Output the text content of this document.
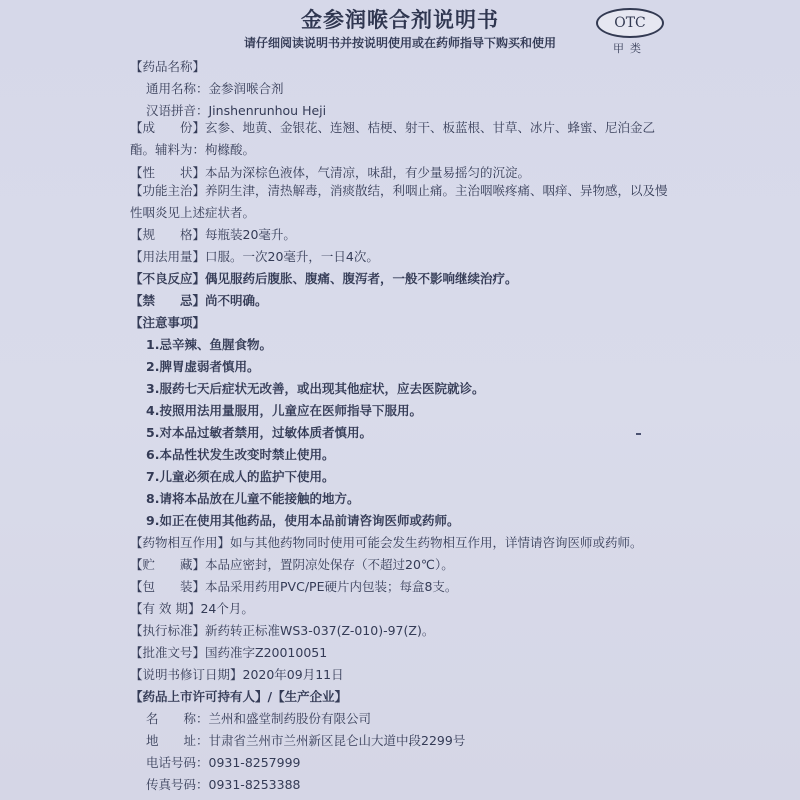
金参润喉合剂说明书
请仔细阅读说明书并按说明使用或在药师指导下购买和使用
OTC
甲类
【药品名称】
通用名称：金参润喉合剂
汉语拼音：Jinshenrunhou Heji
【成　　份】玄参、地黄、金银花、连翘、桔梗、射干、板蓝根、甘草、冰片、蜂蜜、尼泊金乙酯。辅料为：枸橼酸。
【性　　状】本品为深棕色液体，气清凉，味甜，有少量易摇匀的沉淀。
【功能主治】养阴生津，清热解毒，消痰散结，利咽止痛。主治咽喉疼痛、咽痒、异物感，以及慢性咽炎见上述症状者。
【规　　格】每瓶装20毫升。
【用法用量】口服。一次20毫升，一日4次。
【不良反应】偶见服药后腹胀、腹痛、腹泻者，一般不影响继续治疗。
【禁　　忌】尚不明确。
【注意事项】
1.忌辛辣、鱼腥食物。
2.脾胃虚弱者慎用。
3.服药七天后症状无改善，或出现其他症状，应去医院就诊。
4.按照用法用量服用，儿童应在医师指导下服用。
5.对本品过敏者禁用，过敏体质者慎用。
6.本品性状发生改变时禁止使用。
7.儿童必须在成人的监护下使用。
8.请将本品放在儿童不能接触的地方。
9.如正在使用其他药品，使用本品前请咨询医师或药师。
【药物相互作用】如与其他药物同时使用可能会发生药物相互作用，详情请咨询医师或药师。
【贮　　藏】本品应密封，置阴凉处保存（不超过20℃）。
【包　　装】本品采用药用PVC/PE硬片内包装；每盒8支。
【有 效 期】24个月。
【执行标准】新药转正标准WS3-037(Z-010)-97(Z)。
【批准文号】国药准字Z20010051
【说明书修订日期】2020年09月11日
【药品上市许可持有人】/【生产企业】
名　　称：兰州和盛堂制药股份有限公司
地　　址：甘肃省兰州市兰州新区昆仑山大道中段2299号
电话号码：0931-8257999
传真号码：0931-8253388
